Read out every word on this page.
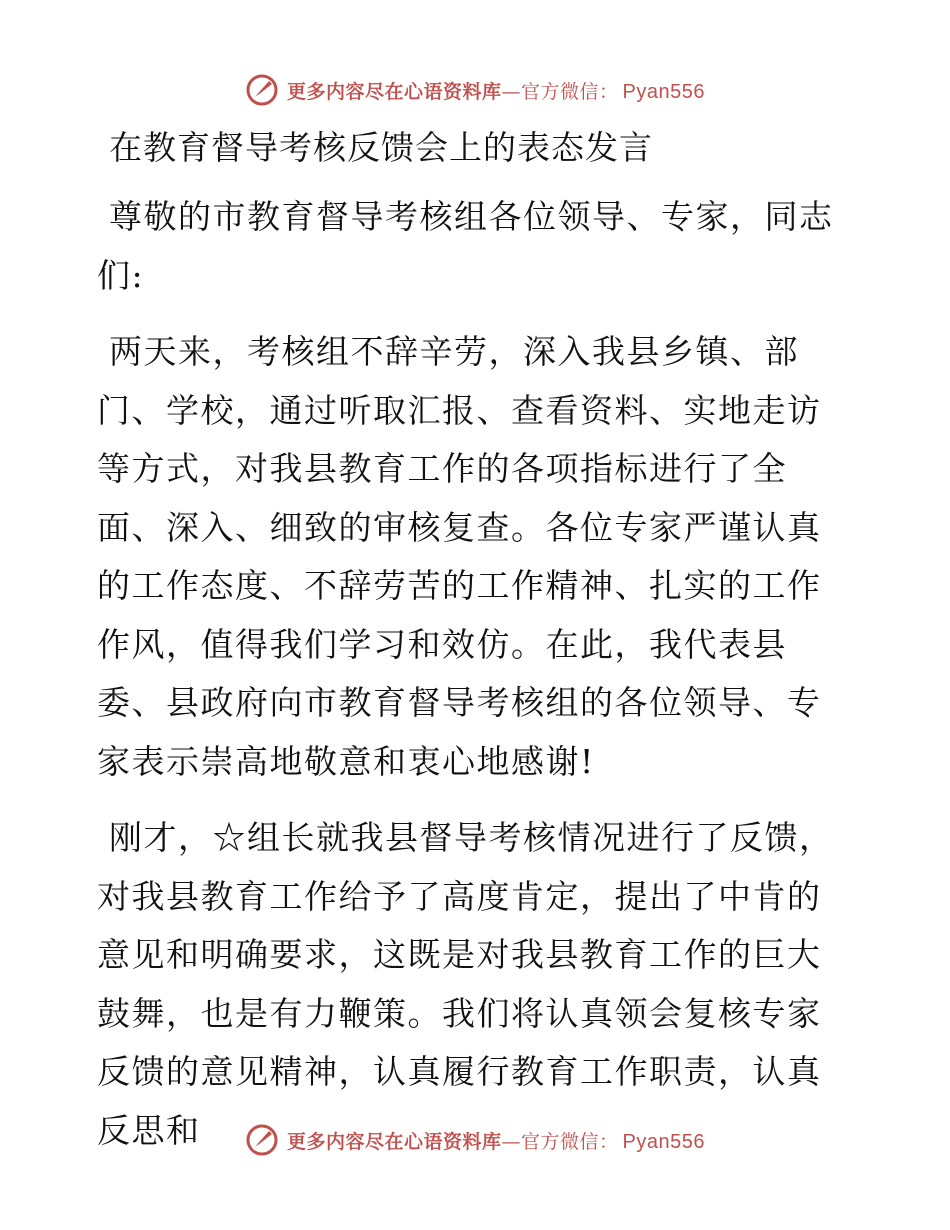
更多内容尽在心语资料库 — 官方微信： Pyan556
在教育督导考核反馈会上的表态发言

尊敬的市教育督导考核组各位领导、专家，同志们:

两天来，考核组不辞辛劳，深入我县乡镇、部门、学校，通过听取汇报、查看资料、实地走访等方式，对我县教育工作的各项指标进行了全面、深入、细致的审核复查。各位专家严谨认真的工作态度、不辞劳苦的工作精神、扎实的工作作风，值得我们学习和效仿。在此，我代表县委、县政府向市教育督导考核组的各位领导、专家表示崇高地敬意和衷心地感谢!

刚才，☆组长就我县督导考核情况进行了反馈，对我县教育工作给予了高度肯定，提出了中肯的意见和明确要求，这既是对我县教育工作的巨大鼓舞，也是有力鞭策。我们将认真领会复核专家反馈的意见精神，认真履行教育工作职责，认真反思和	更多内容尽在心语资料库 — 官方微信： Pyan556
